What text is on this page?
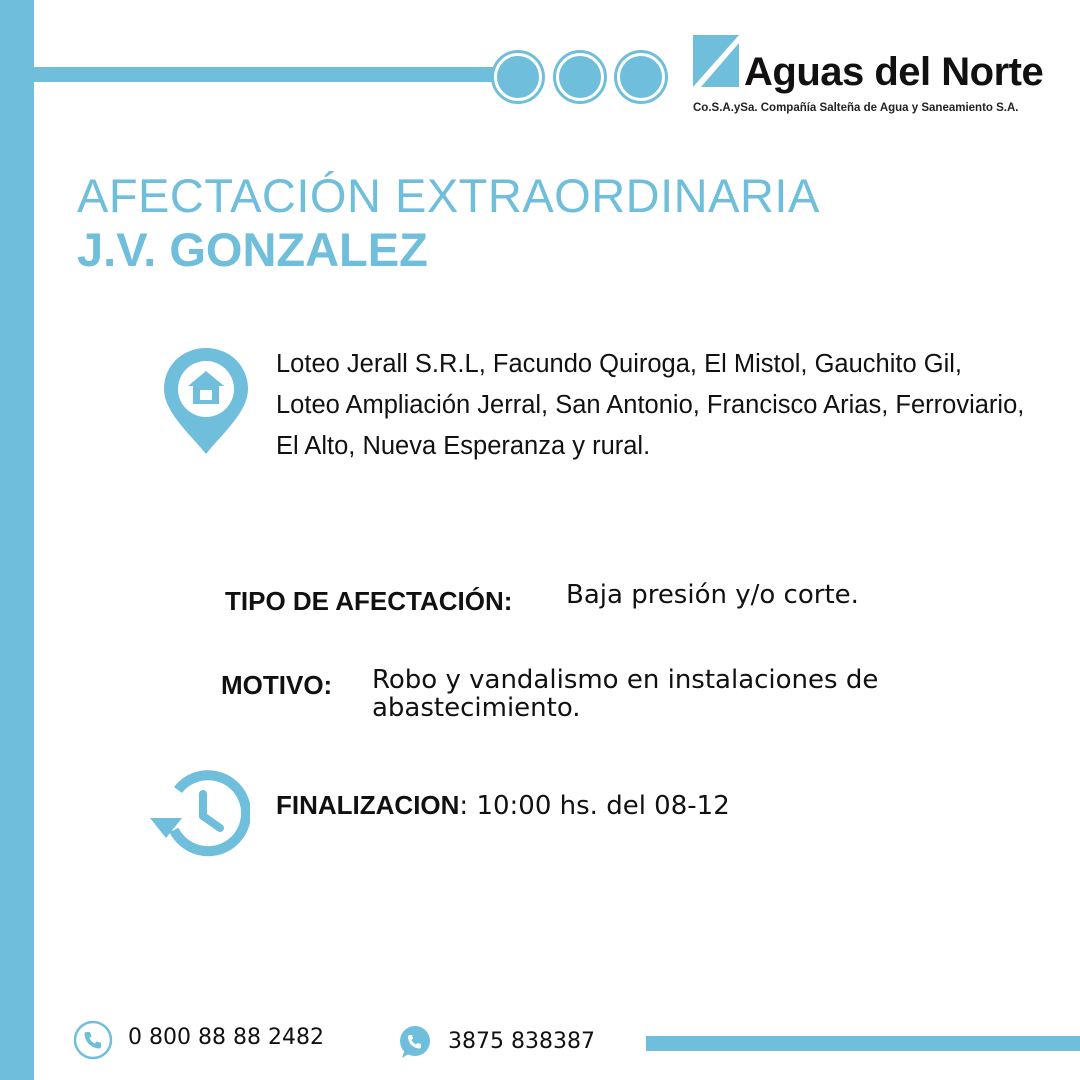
Aguas del Norte
Co.S.A.ySa. Compañía Salteña de Agua y Saneamiento S.A.
AFECTACIÓN EXTRAORDINARIA
J.V. GONZALEZ
Loteo Jerall S.R.L, Facundo Quiroga, El Mistol, Gauchito Gil, Loteo Ampliación Jerral, San Antonio, Francisco Arias, Ferroviario, El Alto, Nueva Esperanza y rural.
TIPO DE AFECTACIÓN: Baja presión y/o corte.
MOTIVO: Robo y vandalismo en instalaciones de abastecimiento.
FINALIZACION: 10:00 hs. del 08-12
0 800 88 88 2482	3875 838387
